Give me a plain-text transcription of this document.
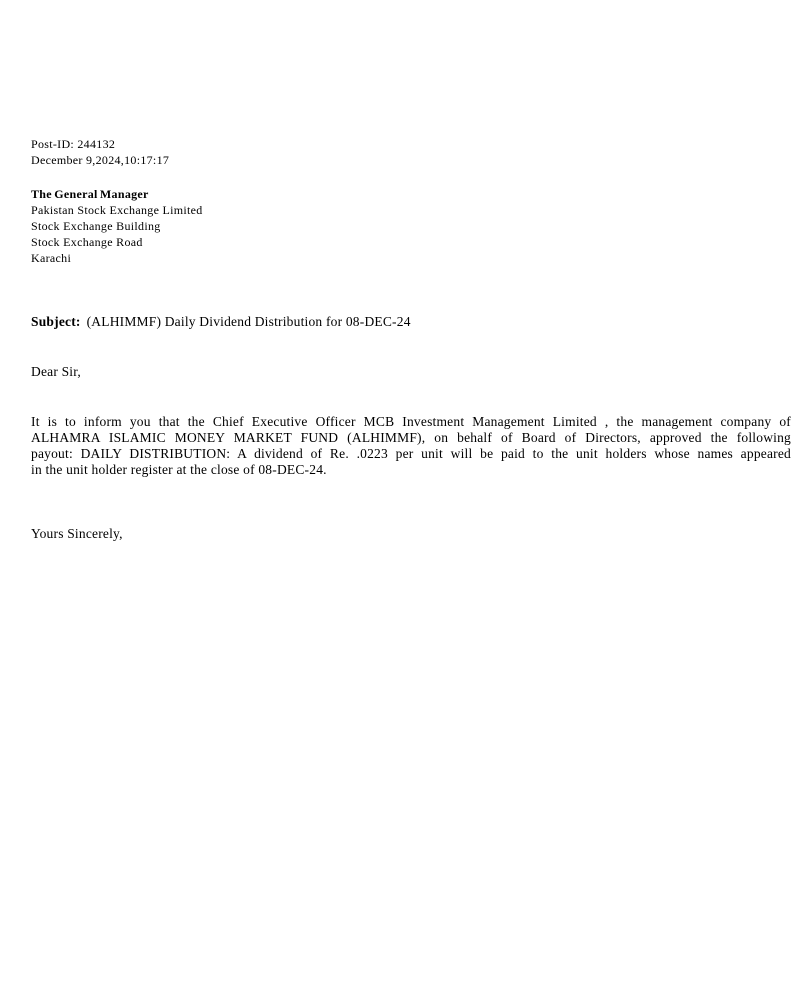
Post-ID: 244132
December 9,2024,10:17:17
The General Manager
Pakistan Stock Exchange Limited
Stock Exchange Building
Stock Exchange Road
Karachi
Subject: (ALHIMMF) Daily Dividend Distribution for 08-DEC-24
Dear Sir,
It is to inform you that the Chief Executive Officer MCB Investment Management Limited , the management company of
ALHAMRA ISLAMIC MONEY MARKET FUND (ALHIMMF), on behalf of Board of Directors, approved the following
payout: DAILY DISTRIBUTION: A dividend of Re. .0223 per unit will be paid to the unit holders whose names appeared
in the unit holder register at the close of 08-DEC-24.
Yours Sincerely,
